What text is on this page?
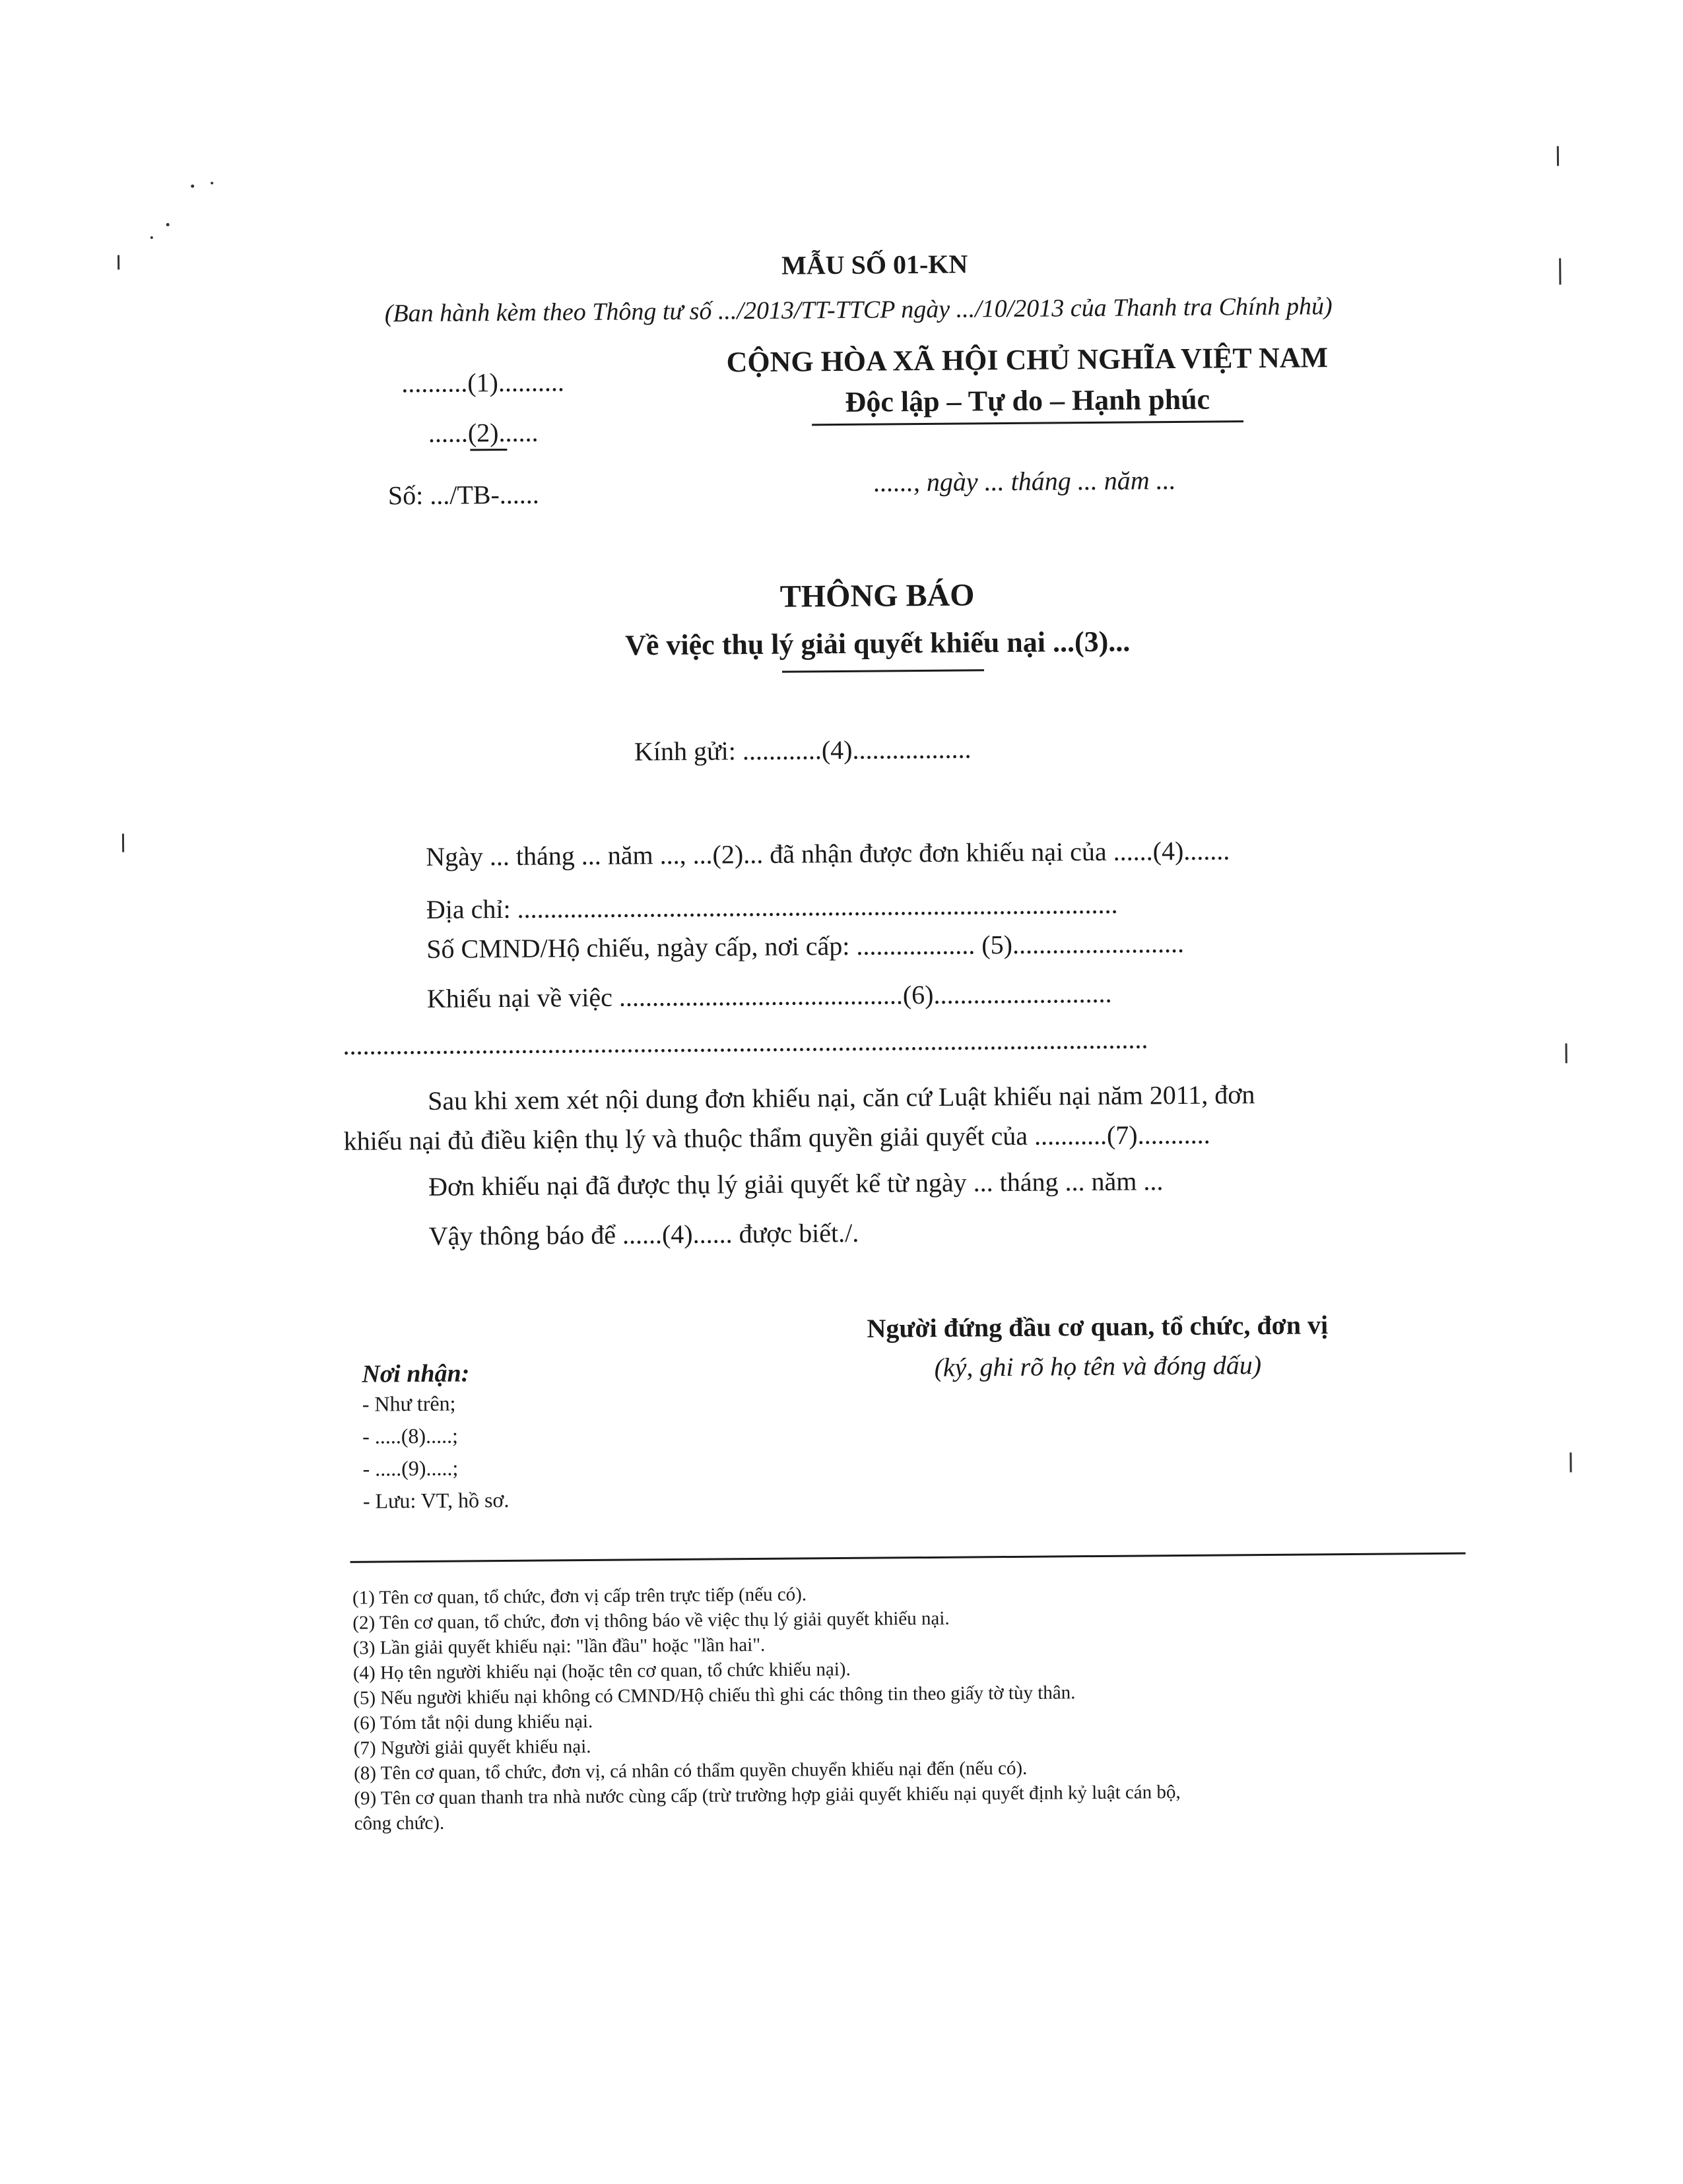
MẪU SỐ 01-KN
(Ban hành kèm theo Thông tư số .../2013/TT-TTCP ngày .../10/2013 của Thanh tra Chính phủ)
..........(1)..........
......(2)......
Số: .../TB-......
CỘNG HÒA XÃ HỘI CHỦ NGHĨA VIỆT NAM
Độc lập – Tự do – Hạnh phúc
......, ngày ... tháng ... năm ...
THÔNG BÁO
Về việc thụ lý giải quyết khiếu nại ...(3)...
Kính gửi: ............(4)..................
Ngày ... tháng ... năm ..., ...(2)... đã nhận được đơn khiếu nại của ......(4).......
Địa chỉ: ...........................................................................................
Số CMND/Hộ chiếu, ngày cấp, nơi cấp: .................. (5)..........................
Khiếu nại về việc ...........................................(6)...........................
..........................................................................................................................
Sau khi xem xét nội dung đơn khiếu nại, căn cứ Luật khiếu nại năm 2011, đơn
khiếu nại đủ điều kiện thụ lý và thuộc thẩm quyền giải quyết của ...........(7)...........
Đơn khiếu nại đã được thụ lý giải quyết kể từ ngày ... tháng ... năm ...
Vậy thông báo để ......(4)...... được biết./.
Người đứng đầu cơ quan, tổ chức, đơn vị
(ký, ghi rõ họ tên và đóng dấu)
Nơi nhận:
- Như trên;
- .....(8).....;
- .....(9).....;
- Lưu: VT, hồ sơ.
(1) Tên cơ quan, tổ chức, đơn vị cấp trên trực tiếp (nếu có).
(2) Tên cơ quan, tổ chức, đơn vị thông báo về việc thụ lý giải quyết khiếu nại.
(3) Lần giải quyết khiếu nại: "lần đầu" hoặc "lần hai".
(4) Họ tên người khiếu nại (hoặc tên cơ quan, tổ chức khiếu nại).
(5) Nếu người khiếu nại không có CMND/Hộ chiếu thì ghi các thông tin theo giấy tờ tùy thân.
(6) Tóm tắt nội dung khiếu nại.
(7) Người giải quyết khiếu nại.
(8) Tên cơ quan, tổ chức, đơn vị, cá nhân có thẩm quyền chuyển khiếu nại đến (nếu có).
(9) Tên cơ quan thanh tra nhà nước cùng cấp (trừ trường hợp giải quyết khiếu nại quyết định kỷ luật cán bộ,
công chức).
